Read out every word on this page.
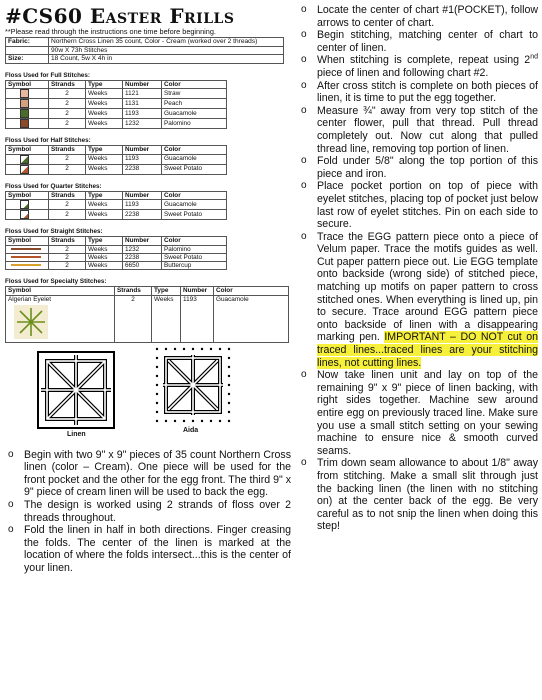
#CS60 Easter Frills
**Please read through the instructions one time before beginning.
Fabric:	Northern Cross Linen 35 count, Color - Cream (worked over 2 threads)
	90w X 73h Stitches
Size:	18 Count, 5w X 4h in
Floss Used for Full Stitches:
Symbol	Strands	Type	Number	Color
	2	Weeks	1121	Straw
	2	Weeks	1131	Peach
	2	Weeks	1193	Guacamole
	2	Weeks	1232	Palomino
Floss Used for Half Stitches:
Symbol	Strands	Type	Number	Color
	2	Weeks	1193	Guacamole
	2	Weeks	2238	Sweet Potato
Floss Used for Quarter Stitches:
Symbol	Strands	Type	Number	Color
	2	Weeks	1193	Guacamole
	2	Weeks	2238	Sweet Potato
Floss Used for Straight Stitches:
Symbol	Strands	Type	Number	Color
	2	Weeks	1232	Palomino
	2	Weeks	2238	Sweet Potato
	2	Weeks	6650	Buttercup
Floss Used for Specialty Stitches:
Symbol	Strands	Type	Number	Color

Algerian Eyelet	2	Weeks	1193	Guacamole
Linen
Aida
o Begin with two 9" x 9" pieces of 35 count Northern Cross linen (color – Cream). One piece will be used for the front pocket and the other for the egg front. The third 9" x 9" piece of cream linen will be used to back the egg.
o The design is worked using 2 strands of floss over 2 threads throughout.
o Fold the linen in half in both directions. Finger creasing the folds. The center of the linen is marked at the location of where the folds intersect...this is the center of your linen.
o Locate the center of chart #1(POCKET), follow arrows to center of chart.
o Begin stitching, matching center of chart to center of linen.
o When stitching is complete, repeat using 2nd piece of linen and following chart #2.
o After cross stitch is complete on both pieces of linen, it is time to put the egg together.
o Measure ¾" away from very top stitch of the center flower, pull that thread. Pull thread completely out. Now cut along that pulled thread line, removing top portion of linen.
o Fold under 5/8" along the top portion of this piece and iron.
o Place pocket portion on top of piece with eyelet stitches, placing top of pocket just below last row of eyelet stitches. Pin on each side to secure.
o Trace the EGG pattern piece onto a piece of Velum paper. Trace the motifs guides as well. Cut paper pattern piece out. Lie EGG template onto backside (wrong side) of stitched piece, matching up motifs on paper pattern to cross stitched ones. When everything is lined up, pin to secure. Trace around EGG pattern piece onto backside of linen with a disappearing marking pen. IMPORTANT – DO NOT cut on traced lines...traced lines are your stitching lines, not cutting lines.
o Now take linen unit and lay on top of the remaining 9" x 9" piece of linen backing, with right sides together. Machine sew around entire egg on previously traced line. Make sure you use a small stitch setting on your sewing machine to ensure nice & smooth curved seams.
o Trim down seam allowance to about 1/8" away from stitching. Make a small slit through just the backing linen (the linen with no stitching on) at the center back of the egg. Be very careful as to not snip the linen when doing this step!
